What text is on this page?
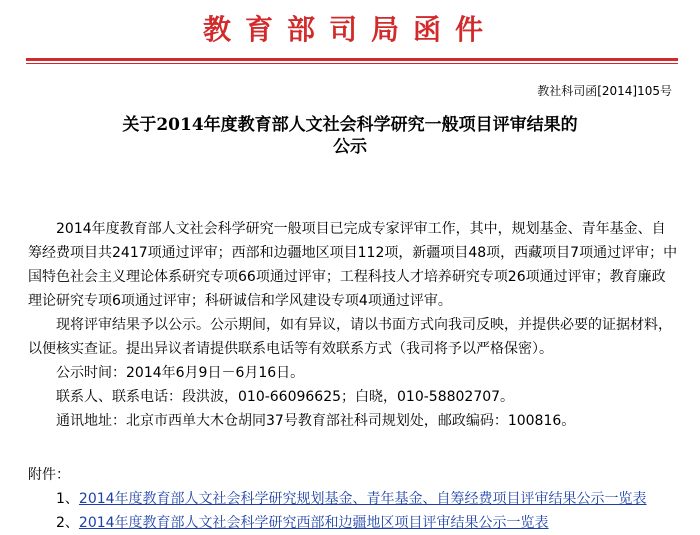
教育部司局函件
教社科司函[2014]105号
关于2014年度教育部人文社会科学研究一般项目评审结果的
公示

2014年度教育部人文社会科学研究一般项目已完成专家评审工作，其中，规划基金、青年基金、自筹经费项目共2417项通过评审；西部和边疆地区项目112项，新疆项目48项，西藏项目7项通过评审；中国特色社会主义理论体系研究专项66项通过评审；工程科技人才培养研究专项26项通过评审；教育廉政理论研究专项6项通过评审；科研诚信和学风建设专项4项通过评审。

现将评审结果予以公示。公示期间，如有异议，请以书面方式向我司反映，并提供必要的证据材料，以便核实查证。提出异议者请提供联系电话等有效联系方式（我司将予以严格保密）。

公示时间：2014年6月9日－6月16日。

联系人、联系电话：段洪波，010-66096625；白晓，010-58802707。

通讯地址：北京市西单大木仓胡同37号教育部社科司规划处，邮政编码：100816。

附件：
1、2014年度教育部人文社会科学研究规划基金、青年基金、自筹经费项目评审结果公示一览表
2、2014年度教育部人文社会科学研究西部和边疆地区项目评审结果公示一览表
